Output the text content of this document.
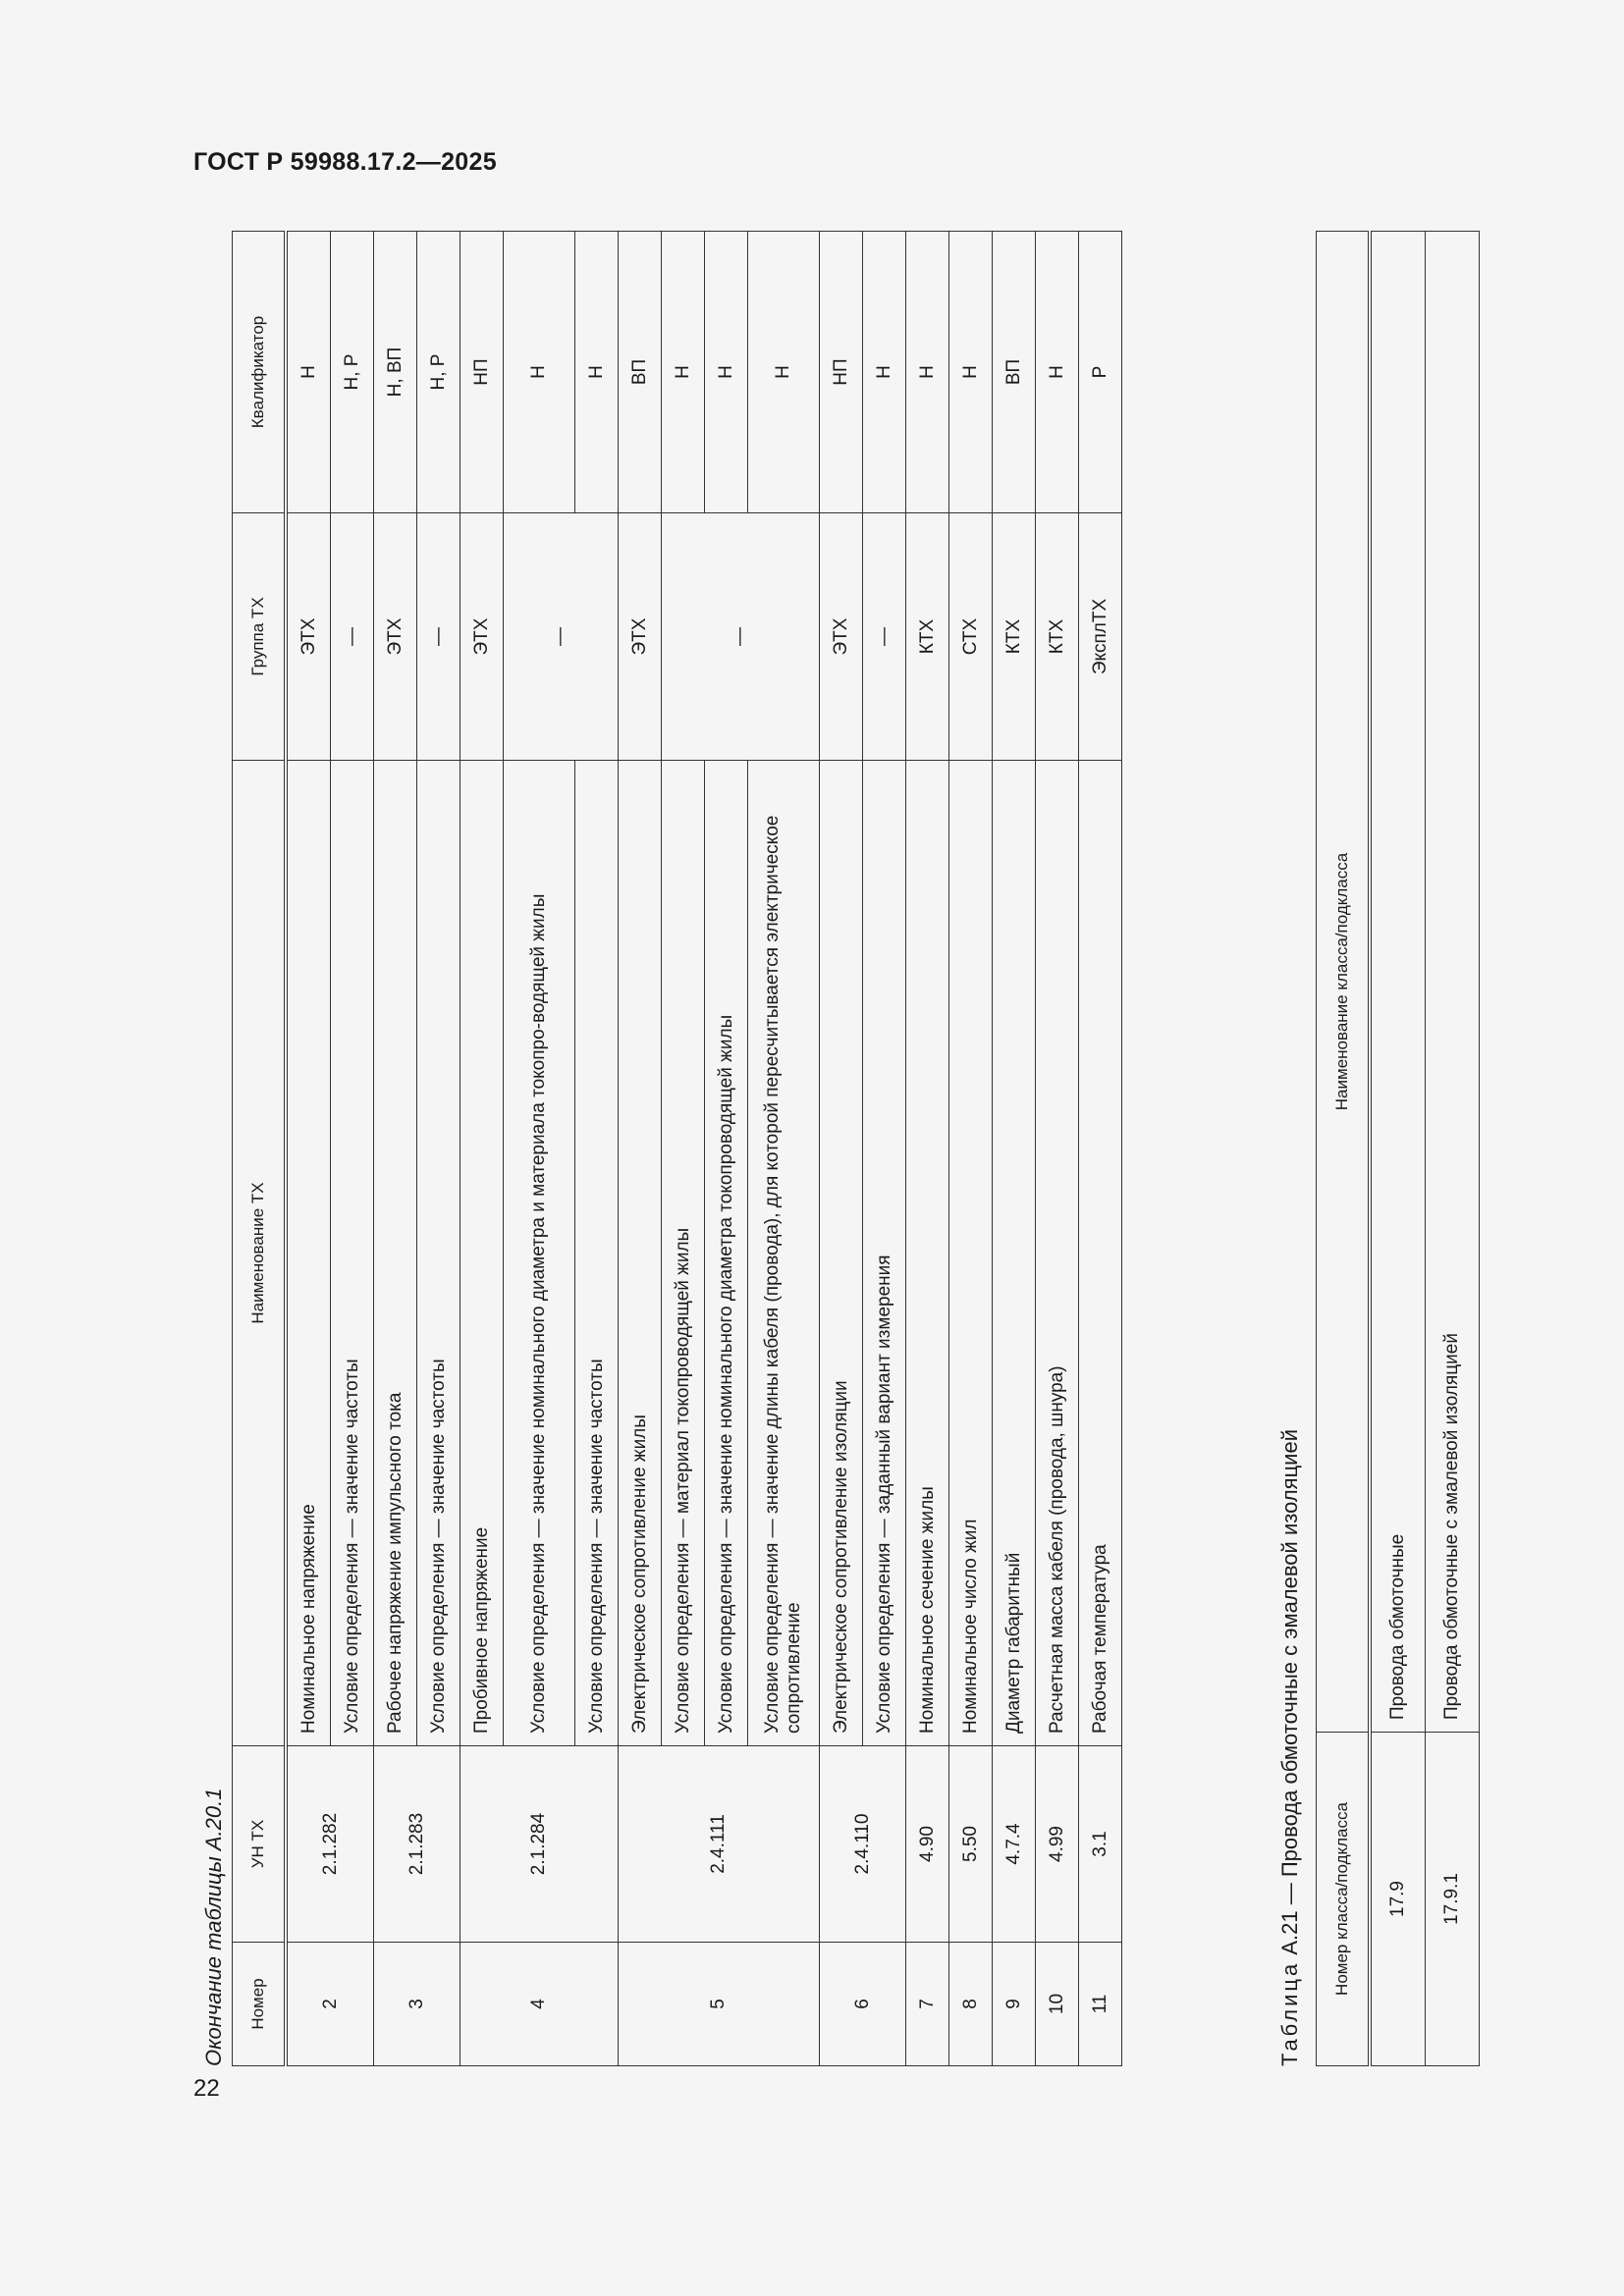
ГОСТ Р 59988.17.2—2025
Окончание таблицы А.20.1 Номер	УН ТХ	Наименование ТХ	Группа ТХ	Квалификатор
2	2.1.282	Номинальное напряжение	ЭТХ	Н
		Условие определения — значение частоты	—	Н, Р
3	2.1.283	Рабочее напряжение импульсного тока	ЭТХ	Н, ВП
		Условие определения — значение частоты	—	Н, Р
4	2.1.284	Пробивное напряжение	ЭТХ	НП
		Условие определения — значение номинального диаметра и материала токопро-водящей жилы	—	Н
		Условие определения — значение частоты		Н
5	2.4.111	Электрическое сопротивление жилы	ЭТХ	ВП
		Условие определения — материал токопроводящей жилы	—	Н
		Условие определения — значение номинального диаметра токопроводящей жилы		Н
		Условие определения — значение длины кабеля (провода), для которой пересчитывается электрическое сопротивление		Н
6	2.4.110	Электрическое сопротивление изоляции	ЭТХ	НП
		Условие определения — заданный вариант измерения	—	Н
7	4.90	Номинальное сечение жилы	КТХ	Н
8	5.50	Номинальное число жил	СТХ	Н
9	4.7.4	Диаметр габаритный	КТХ	ВП
10	4.99	Расчетная масса кабеля (провода, шнура)	КТХ	Н
11	3.1	Рабочая температура	ЭксплТХ	Р
Таблица А.21 — Провода обмоточные с эмалевой изоляцией Номер класса/подкласса	Наименование класса/подкласса
17.9	Провода обмоточные
17.9.1	Провода обмоточные с эмалевой изоляцией
22
